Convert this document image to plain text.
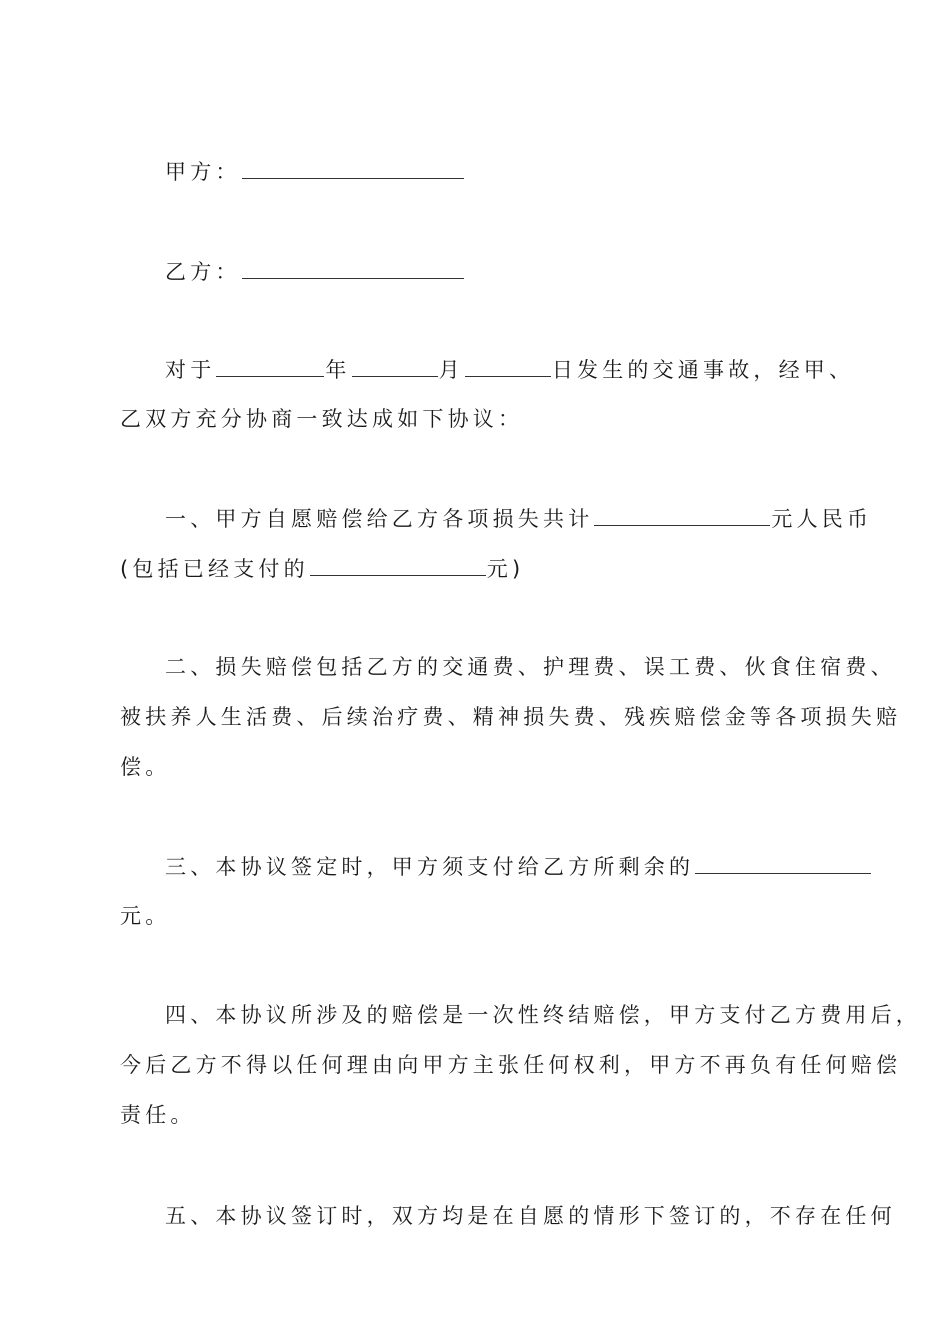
甲方：
乙方：
对于	年	月	日发生的交通事故，经甲、
乙双方充分协商一致达成如下协议：
一、甲方自愿赔偿给乙方各项损失共计	元人民币
(包括已经支付的	元)
二、损失赔偿包括乙方的交通费、护理费、误工费、伙食住宿费、
被扶养人生活费、后续治疗费、精神损失费、残疾赔偿金等各项损失赔
偿。
三、本协议签定时，甲方须支付给乙方所剩余的
元。
四、本协议所涉及的赔偿是一次性终结赔偿，甲方支付乙方费用后，
今后乙方不得以任何理由向甲方主张任何权利，甲方不再负有任何赔偿
责任。
五、本协议签订时，双方均是在自愿的情形下签订的，不存在任何
